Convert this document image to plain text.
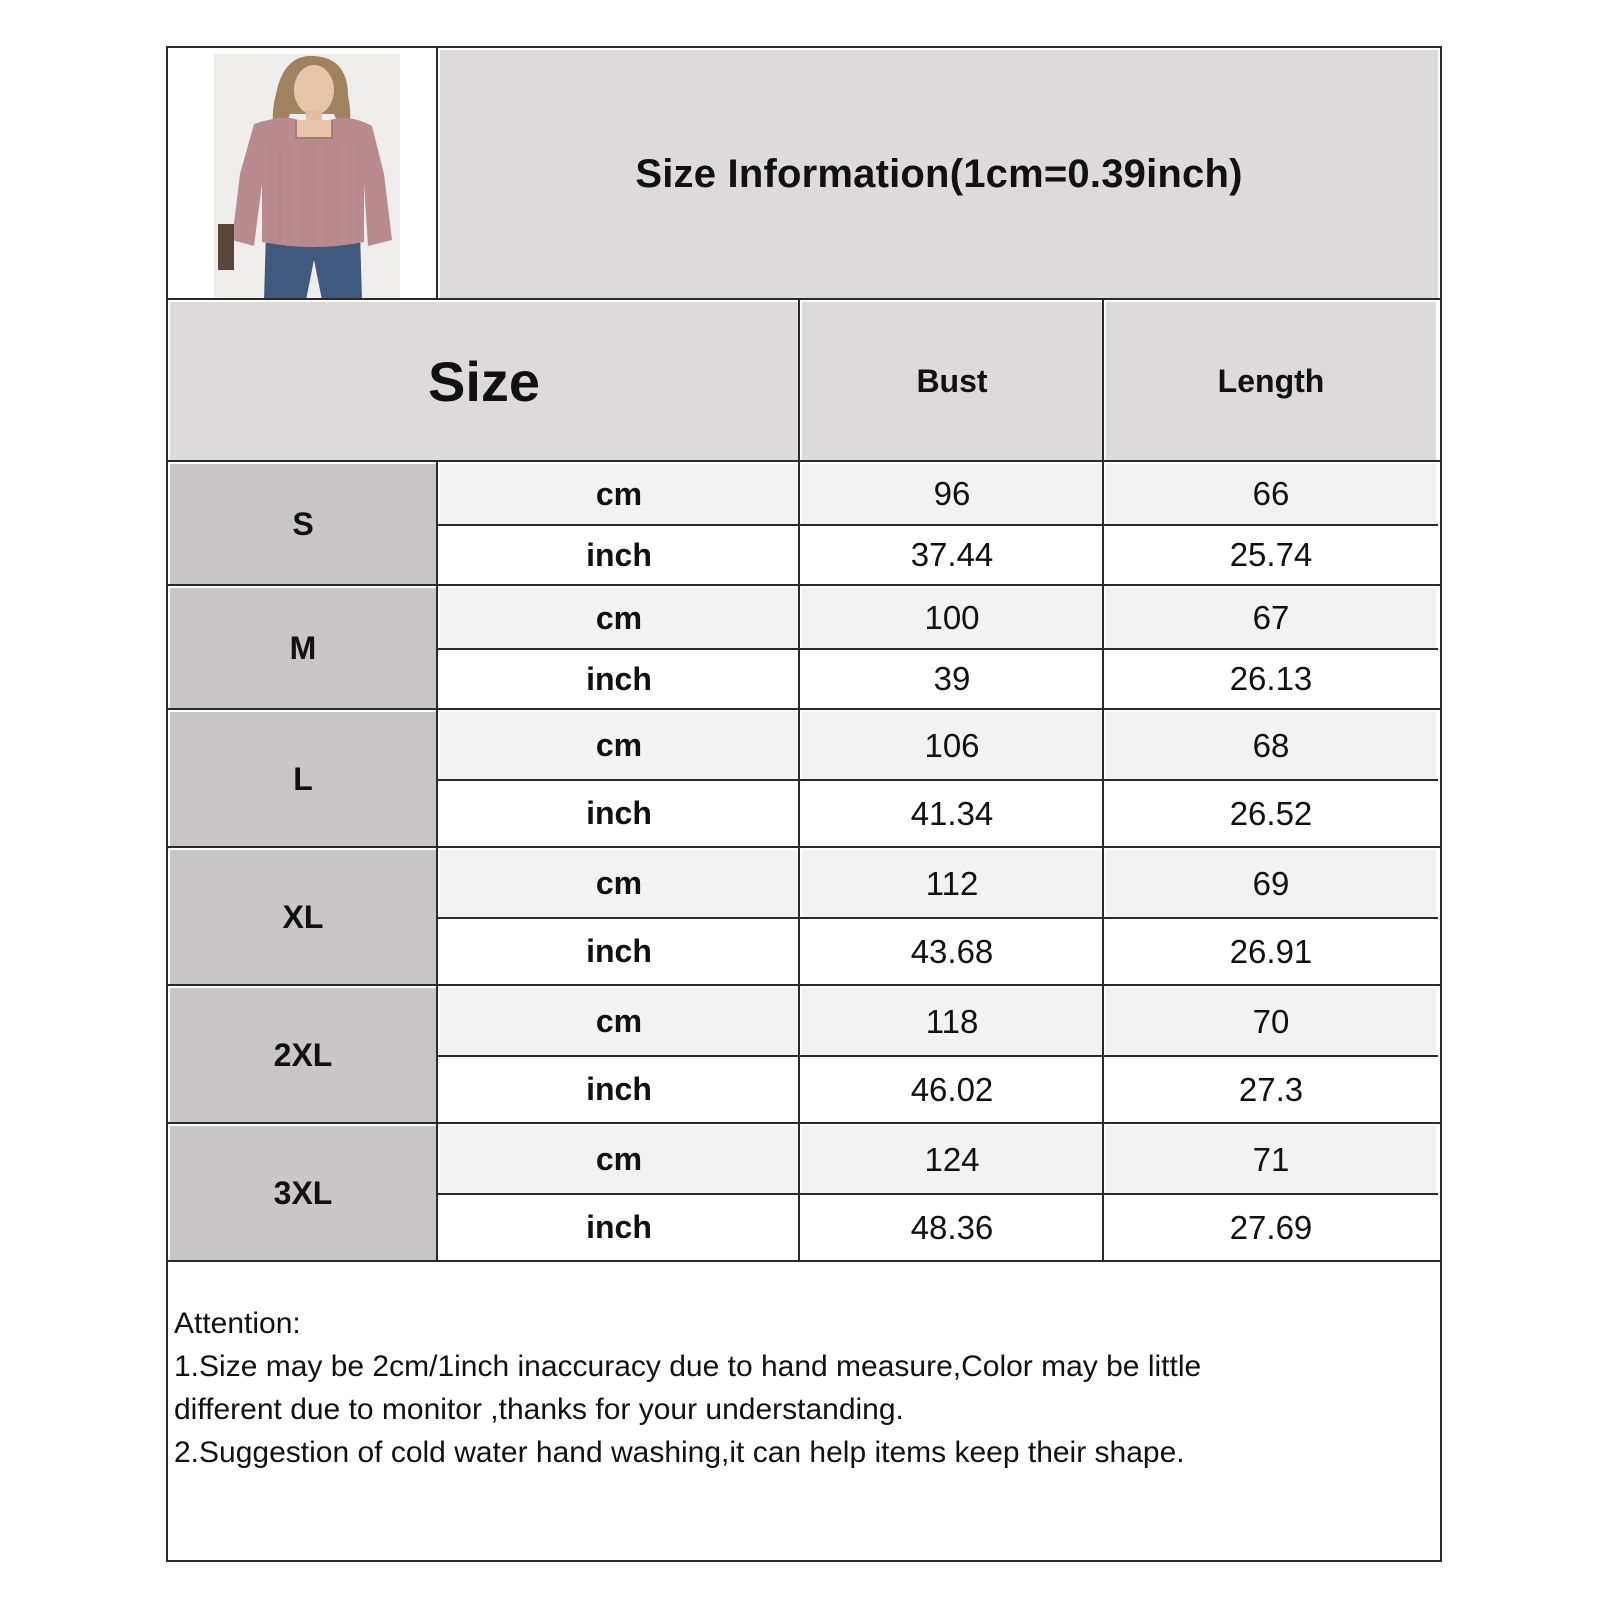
Size Information(1cm=0.39inch)
Size	Bust	Length
Attention:
1.Size may be 2cm/1inch inaccuracy due to hand measure,Color may be little
different due to monitor ,thanks for your understanding.
2.Suggestion of cold water hand washing,it can help items keep their shape.
S
cm	96	66
inch	37.44	25.74
M
cm	100	67
inch	39	26.13
L
cm	106	68
inch	41.34	26.52
XL
cm	112	69
inch	43.68	26.91
2XL
cm	118	70
inch	46.02	27.3
3XL
cm	124	71
inch	48.36	27.69
